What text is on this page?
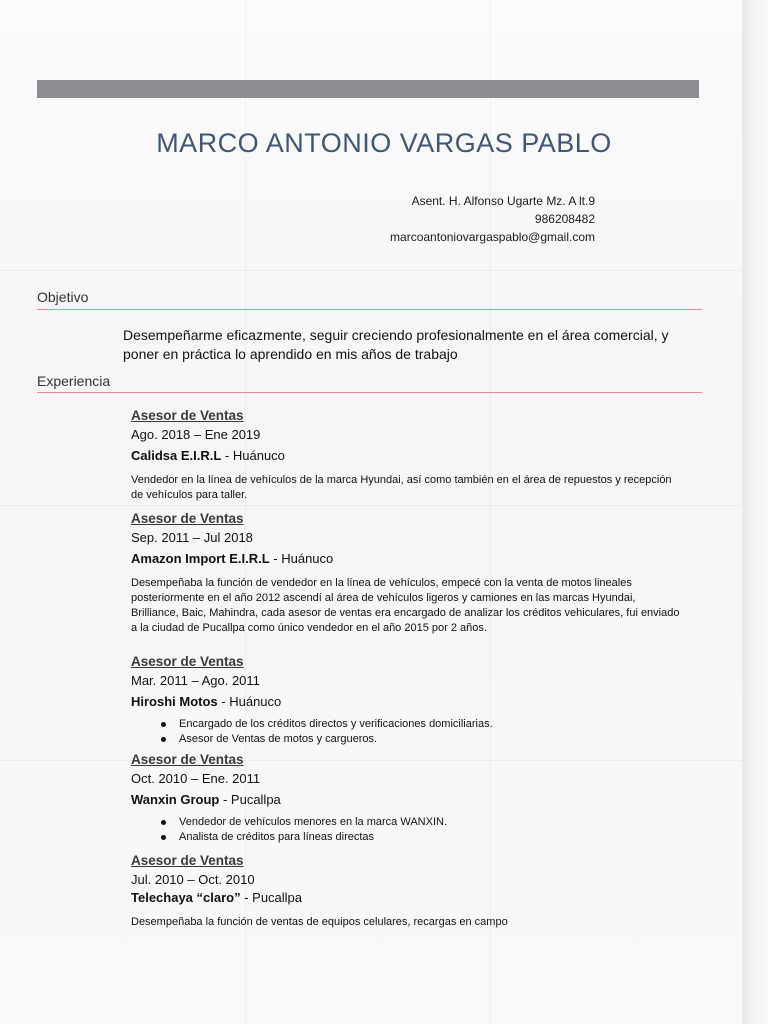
MARCO ANTONIO VARGAS PABLO
Asent. H. Alfonso Ugarte Mz. A lt.9
986208482
marcoantoniovargaspablo@gmail.com
Objetivo
Desempeñarme eficazmente, seguir creciendo profesionalmente en el área comercial, y poner en práctica lo aprendido en mis años de trabajo
Experiencia
Asesor de Ventas
Ago. 2018 – Ene 2019
Calidsa E.I.R.L - Huánuco
Vendedor en la línea de vehículos de la marca Hyundai, así como también en el área de repuestos y recepción de vehículos para taller.
Asesor de Ventas
Sep. 2011 – Jul 2018
Amazon Import E.I.R.L - Huánuco
Desempeñaba la función de vendedor en la línea de vehículos, empecé con la venta de motos lineales posteriormente en el año 2012 ascendí al área de vehículos ligeros y camiones en las marcas Hyundai, Brilliance, Baic, Mahindra, cada asesor de ventas era encargado de analizar los créditos vehiculares, fui enviado a la ciudad de Pucallpa como único vendedor en el año 2015 por 2 años.
Asesor de Ventas
Mar. 2011 – Ago. 2011
Hiroshi Motos - Huánuco
Encargado de los créditos directos y verificaciones domiciliarias.
Asesor de Ventas de motos y cargueros.
Asesor de Ventas
Oct. 2010 – Ene. 2011
Wanxin Group - Pucallpa
Vendedor de vehículos menores en la marca WANXIN.
Analista de créditos para líneas directas
Asesor de Ventas
Jul. 2010 – Oct. 2010
Telechaya “claro” - Pucallpa
Desempeñaba la función de ventas de equipos celulares, recargas en campo
